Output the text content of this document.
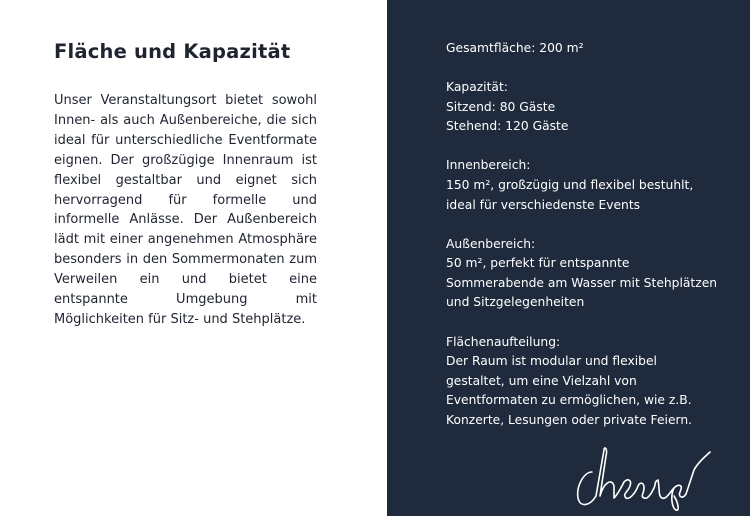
Fläche und Kapazität

Unser Veranstaltungsort bietet sowohl Innen- als auch Außenbereiche, die sich ideal für unterschiedliche Eventformate eignen. Der großzügige Innenraum ist flexibel gestaltbar und eignet sich hervorragend für formelle und informelle Anlässe. Der Außenbereich lädt mit einer angenehmen Atmosphäre besonders in den Sommermonaten zum Verweilen ein und bietet eine entspannte Umgebung mit Möglichkeiten für Sitz- und Stehplätze.

Gesamtfläche: 200 m²
Kapazität:
Sitzend: 80 Gäste
Stehend: 120 Gäste
Innenbereich:
150 m², großzügig und flexibel bestuhlt,
ideal für verschiedenste Events
Außenbereich:
50 m², perfekt für entspannte
Sommerabende am Wasser mit Stehplätzen
und Sitzgelegenheiten
Flächenaufteilung:
Der Raum ist modular und flexibel
gestaltet, um eine Vielzahl von
Eventformaten zu ermöglichen, wie z.B.
Konzerte, Lesungen oder private Feiern.
